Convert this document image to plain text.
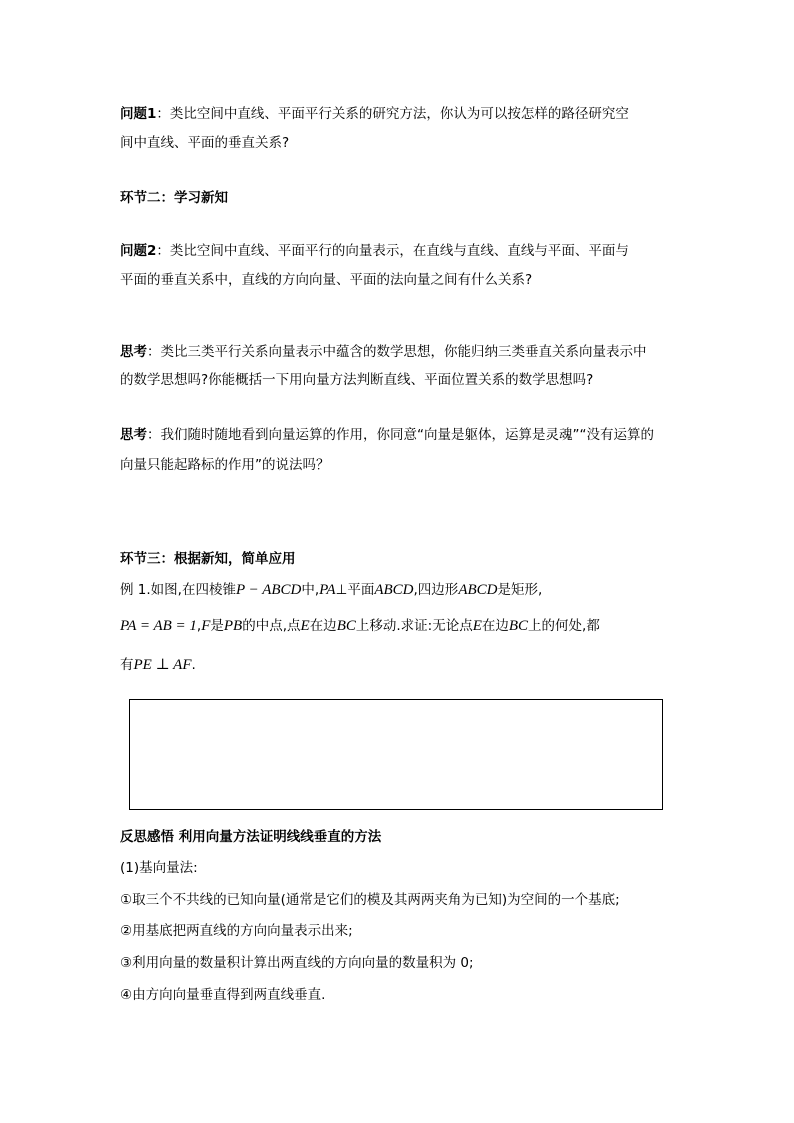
问题1：类比空间中直线、平面平行关系的研究方法，你认为可以按怎样的路径研究空
间中直线、平面的垂直关系?
环节二：学习新知
问题2：类比空间中直线、平面平行的向量表示，在直线与直线、直线与平面、平面与
平面的垂直关系中，直线的方向向量、平面的法向量之间有什么关系?
思考：类比三类平行关系向量表示中蕴含的数学思想，你能归纳三类垂直关系向量表示中
的数学思想吗?你能概括一下用向量方法判断直线、平面位置关系的数学思想吗?
思考：我们随时随地看到向量运算的作用，你同意“向量是躯体，运算是灵魂”“没有运算的
向量只能起路标的作用”的说法吗？
环节三：根据新知，简单应用
例 1.如图,在四棱锥P − ABCD中,PA⊥平面ABCD,四边形ABCD是矩形,
PA = AB = 1,F是PB的中点,点E在边BC上移动.求证:无论点E在边BC上的何处,都
有PE ⊥ AF.
反思感悟 利用向量方法证明线线垂直的方法
(1)基向量法:
①取三个不共线的已知向量(通常是它们的模及其两两夹角为已知)为空间的一个基底;
②用基底把两直线的方向向量表示出来;
③利用向量的数量积计算出两直线的方向向量的数量积为 0;
④由方向向量垂直得到两直线垂直.
